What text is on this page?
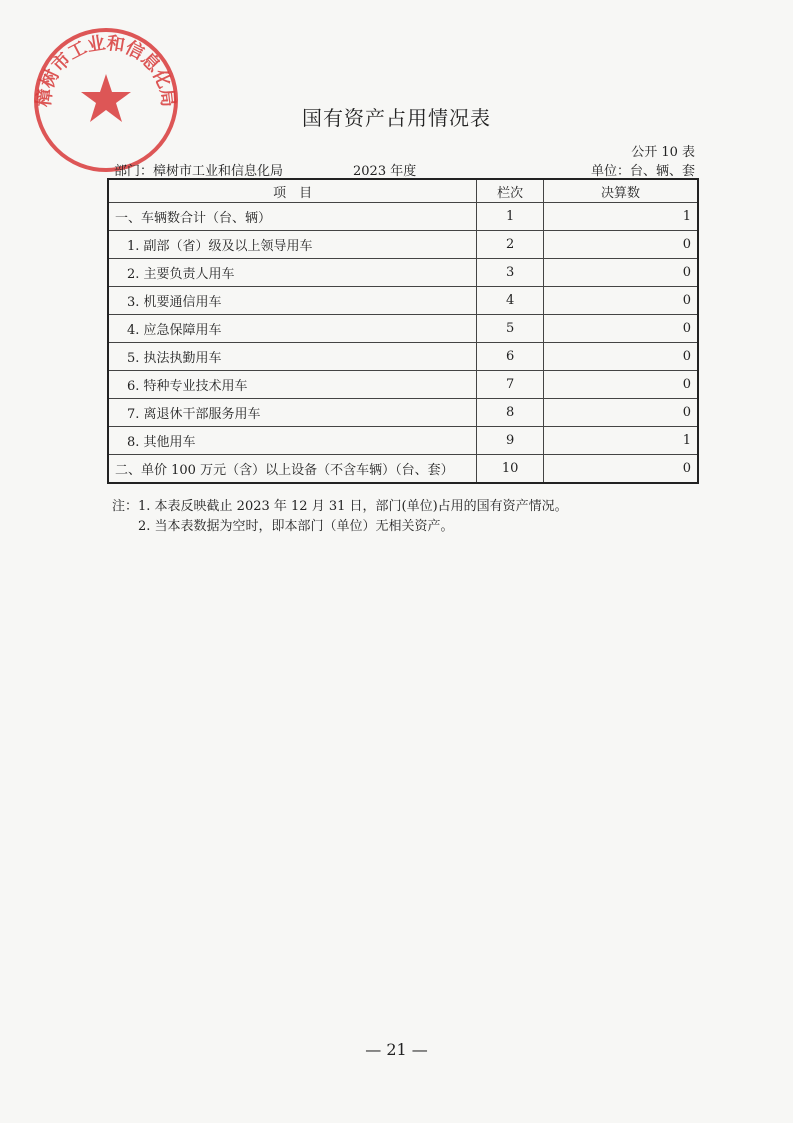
樟树市工业和信息化局
国有资产占用情况表
公开 10 表
部门：樟树市工业和信息化局	2023 年度	单位：台、辆、套
项　目	栏次	决算数
一、车辆数合计（台、辆）	1	1
1. 副部（省）级及以上领导用车	2	0
2. 主要负责人用车	3	0
3. 机要通信用车	4	0
4. 应急保障用车	5	0
5. 执法执勤用车	6	0
6. 特种专业技术用车	7	0
7. 离退休干部服务用车	8	0
8. 其他用车	9	1
二、单价 100 万元（含）以上设备（不含车辆）（台、套）	10	0
注：1. 本表反映截止 2023 年 12 月 31 日，部门(单位)占用的国有资产情况。
2. 当本表数据为空时，即本部门（单位）无相关资产。
— 21 —
